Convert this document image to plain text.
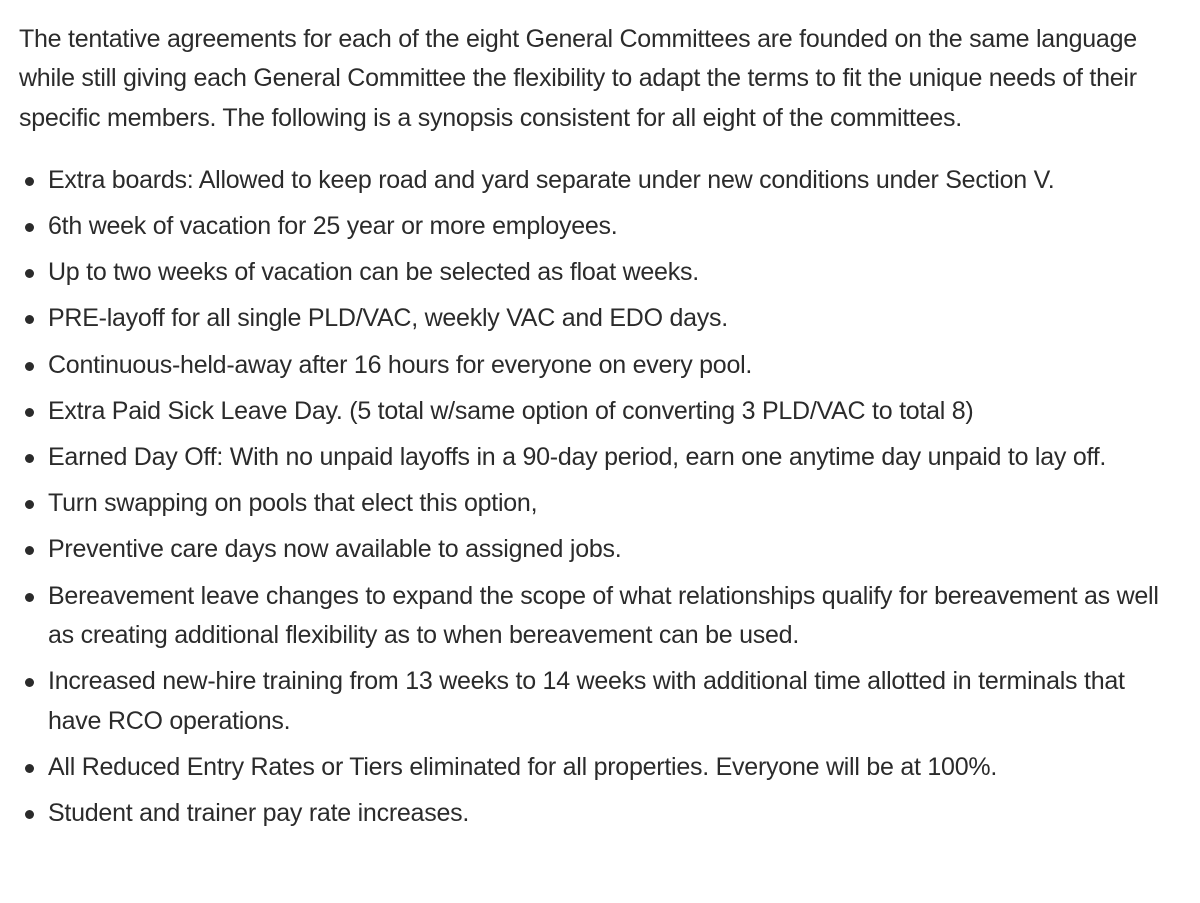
The tentative agreements for each of the eight General Committees are founded on the same language while still giving each General Committee the flexibility to adapt the terms to fit the unique needs of their specific members. The following is a synopsis consistent for all eight of the committees.

Extra boards: Allowed to keep road and yard separate under new conditions under Section V.
6th week of vacation for 25 year or more employees.
Up to two weeks of vacation can be selected as float weeks.
PRE-layoff for all single PLD/VAC, weekly VAC and EDO days.
Continuous-held-away after 16 hours for everyone on every pool.
Extra Paid Sick Leave Day. (5 total w/same option of converting 3 PLD/VAC to total 8)
Earned Day Off: With no unpaid layoffs in a 90-day period, earn one anytime day unpaid to lay off.
Turn swapping on pools that elect this option,
Preventive care days now available to assigned jobs.
Bereavement leave changes to expand the scope of what relationships qualify for bereavement as well as creating additional flexibility as to when bereavement can be used.
Increased new-hire training from 13 weeks to 14 weeks with additional time allotted in terminals that have RCO operations.
All Reduced Entry Rates or Tiers eliminated for all properties. Everyone will be at 100%.
Student and trainer pay rate increases.
